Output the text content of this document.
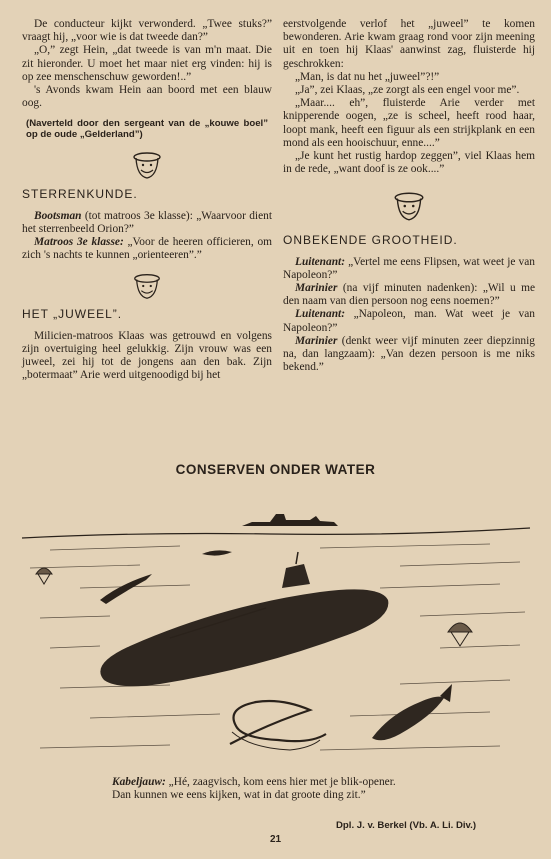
De conducteur kijkt verwonderd. „Twee stuks?” vraagt hij, „voor wie is dat tweede dan?”

„O,” zegt Hein, „dat tweede is van m'n maat. Die zit hieronder. U moet het maar niet erg vinden: hij is op zee menschenschuw geworden!..”

's Avonds kwam Hein aan boord met een blauw oog.

(Naverteld door den sergeant van de „kouwe boel” op de oude „Gelderland”)

STERRENKUNDE.

Bootsman (tot matroos 3e klasse): „Waarvoor dient het sterrenbeeld Orion?”

Matroos 3e klasse: „Voor de heeren officieren, om zich 's nachts te kunnen „orienteeren”.”

HET „JUWEEL”.

Milicien-matroos Klaas was getrouwd en volgens zijn overtuiging heel gelukkig. Zijn vrouw was een juweel, zei hij tot de jongens aan den bak. Zijn „botermaat” Arie werd uitgenoodigd bij het

eerstvolgende verlof het „juweel” te komen bewonderen. Arie kwam graag rond voor zijn meening uit en toen hij Klaas' aanwinst zag, fluisterde hij geschrokken:

„Man, is dat nu het „juweel”?!”

„Ja”, zei Klaas, „ze zorgt als een engel voor me”.

„Maar.... eh”, fluisterde Arie verder met knipperende oogen, „ze is scheel, heeft rood haar, loopt mank, heeft een figuur als een strijkplank en een mond als een hooischuur, enne....”

„Je kunt het rustig hardop zeggen”, viel Klaas hem in de rede, „want doof is ze ook....”

ONBEKENDE GROOTHEID.

Luitenant: „Vertel me eens Flipsen, wat weet je van Napoleon?”

Marinier (na vijf minuten nadenken): „Wil u me den naam van dien persoon nog eens noemen?”

Luitenant: „Napoleon, man. Wat weet je van Napoleon?”

Marinier (denkt weer vijf minuten zeer diepzinnig na, dan langzaam): „Van dezen persoon is me niks bekend.”

CONSERVEN ONDER WATER
Kabeljauw: „Hé, zaagvisch, kom eens hier met je blik-opener. Dan kunnen we eens kijken, wat in dat groote ding zit.”
Dpl. J. v. Berkel (Vb. A. Li. Div.)
21
